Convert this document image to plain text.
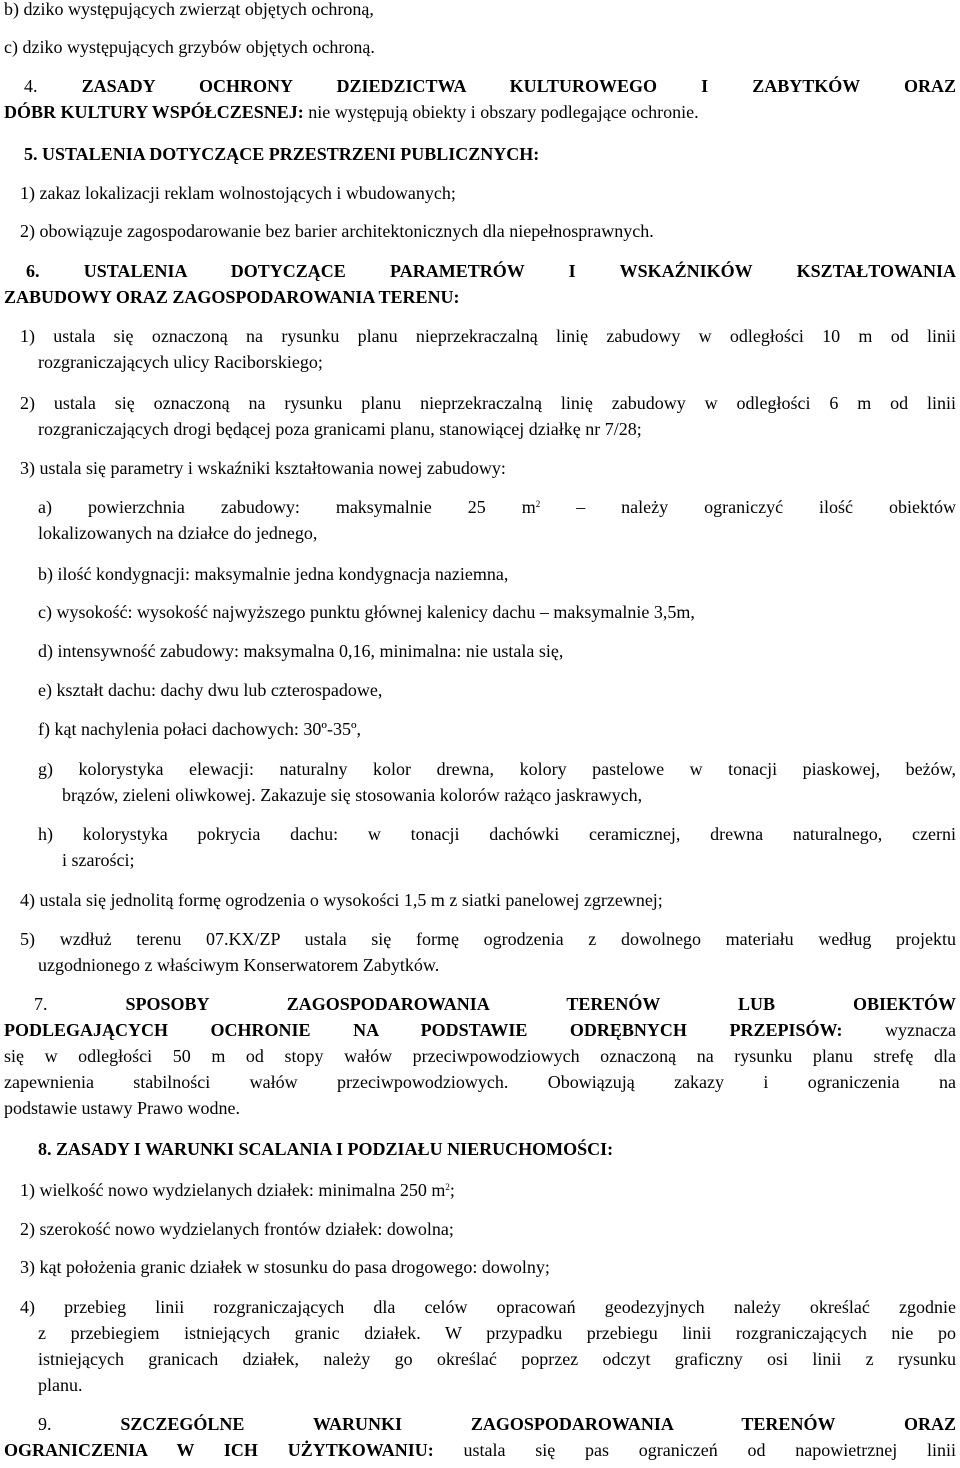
b) dziko występujących zwierząt objętych ochroną,
c) dziko występujących grzybów objętych ochroną.
4. ZASADY OCHRONY DZIEDZICTWA KULTUROWEGO I ZABYTKÓW ORAZ
DÓBR KULTURY WSPÓŁCZESNEJ: nie występują obiekty i obszary podlegające ochronie.
5. USTALENIA DOTYCZĄCE PRZESTRZENI PUBLICZNYCH:
1) zakaz lokalizacji reklam wolnostojących i wbudowanych;
2) obowiązuje zagospodarowanie bez barier architektonicznych dla niepełnosprawnych.
6. USTALENIA DOTYCZĄCE PARAMETRÓW I WSKAŹNIKÓW KSZTAŁTOWANIA
ZABUDOWY ORAZ ZAGOSPODAROWANIA TERENU:
1) ustala się oznaczoną na rysunku planu nieprzekraczalną linię zabudowy w odległości 10 m od linii
rozgraniczających ulicy Raciborskiego;
2) ustala się oznaczoną na rysunku planu nieprzekraczalną linię zabudowy w odległości 6 m od linii
rozgraniczających drogi będącej poza granicami planu, stanowiącej działkę nr 7/28;
3) ustala się parametry i wskaźniki kształtowania nowej zabudowy:
a) powierzchnia zabudowy: maksymalnie 25 $m^2$ – należy ograniczyć ilość obiektów
lokalizowanych na działce do jednego,
b) ilość kondygnacji: maksymalnie jedna kondygnacja naziemna,
c) wysokość: wysokość najwyższego punktu głównej kalenicy dachu – maksymalnie 3,5m,
d) intensywność zabudowy: maksymalna 0,16, minimalna: nie ustala się,
e) kształt dachu: dachy dwu lub czterospadowe,
f) kąt nachylenia połaci dachowych: 30º-35º,
g) kolorystyka elewacji: naturalny kolor drewna, kolory pastelowe w tonacji piaskowej, beżów,
brązów, zieleni oliwkowej. Zakazuje się stosowania kolorów rażąco jaskrawych,
h) kolorystyka pokrycia dachu: w tonacji dachówki ceramicznej, drewna naturalnego, czerni
i szarości;
4) ustala się jednolitą formę ogrodzenia o wysokości 1,5 m z siatki panelowej zgrzewnej;
5) wzdłuż terenu 07.KX/ZP ustala się formę ogrodzenia z dowolnego materiału według projektu
uzgodnionego z właściwym Konserwatorem Zabytków.
7.	SPOSOBY ZAGOSPODAROWANIA TERENÓW LUB OBIEKTÓW
PODLEGAJĄCYCH OCHRONIE NA PODSTAWIE ODRĘBNYCH PRZEPISÓW: wyznacza
się w odległości 50 m od stopy wałów przeciwpowodziowych oznaczoną na rysunku planu strefę dla
zapewnienia stabilności wałów przeciwpowodziowych. Obowiązują zakazy i ograniczenia na
podstawie ustawy Prawo wodne.
8. ZASADY I WARUNKI SCALANIA I PODZIAŁU NIERUCHOMOŚCI:
1) wielkość nowo wydzielanych działek: minimalna 250 $m^2$;
2) szerokość nowo wydzielanych frontów działek: dowolna;
3) kąt położenia granic działek w stosunku do pasa drogowego: dowolny;
4) przebieg linii rozgraniczających dla celów opracowań geodezyjnych należy określać zgodnie
z przebiegiem istniejących granic działek. W przypadku przebiegu linii rozgraniczających nie po
istniejących granicach działek, należy go określać poprzez odczyt graficzny osi linii z rysunku
planu.
9.	SZCZEGÓLNE WARUNKI ZAGOSPODAROWANIA TERENÓW ORAZ
OGRANICZENIA W ICH UŻYTKOWANIU: ustala się pas ograniczeń od napowietrznej linii
